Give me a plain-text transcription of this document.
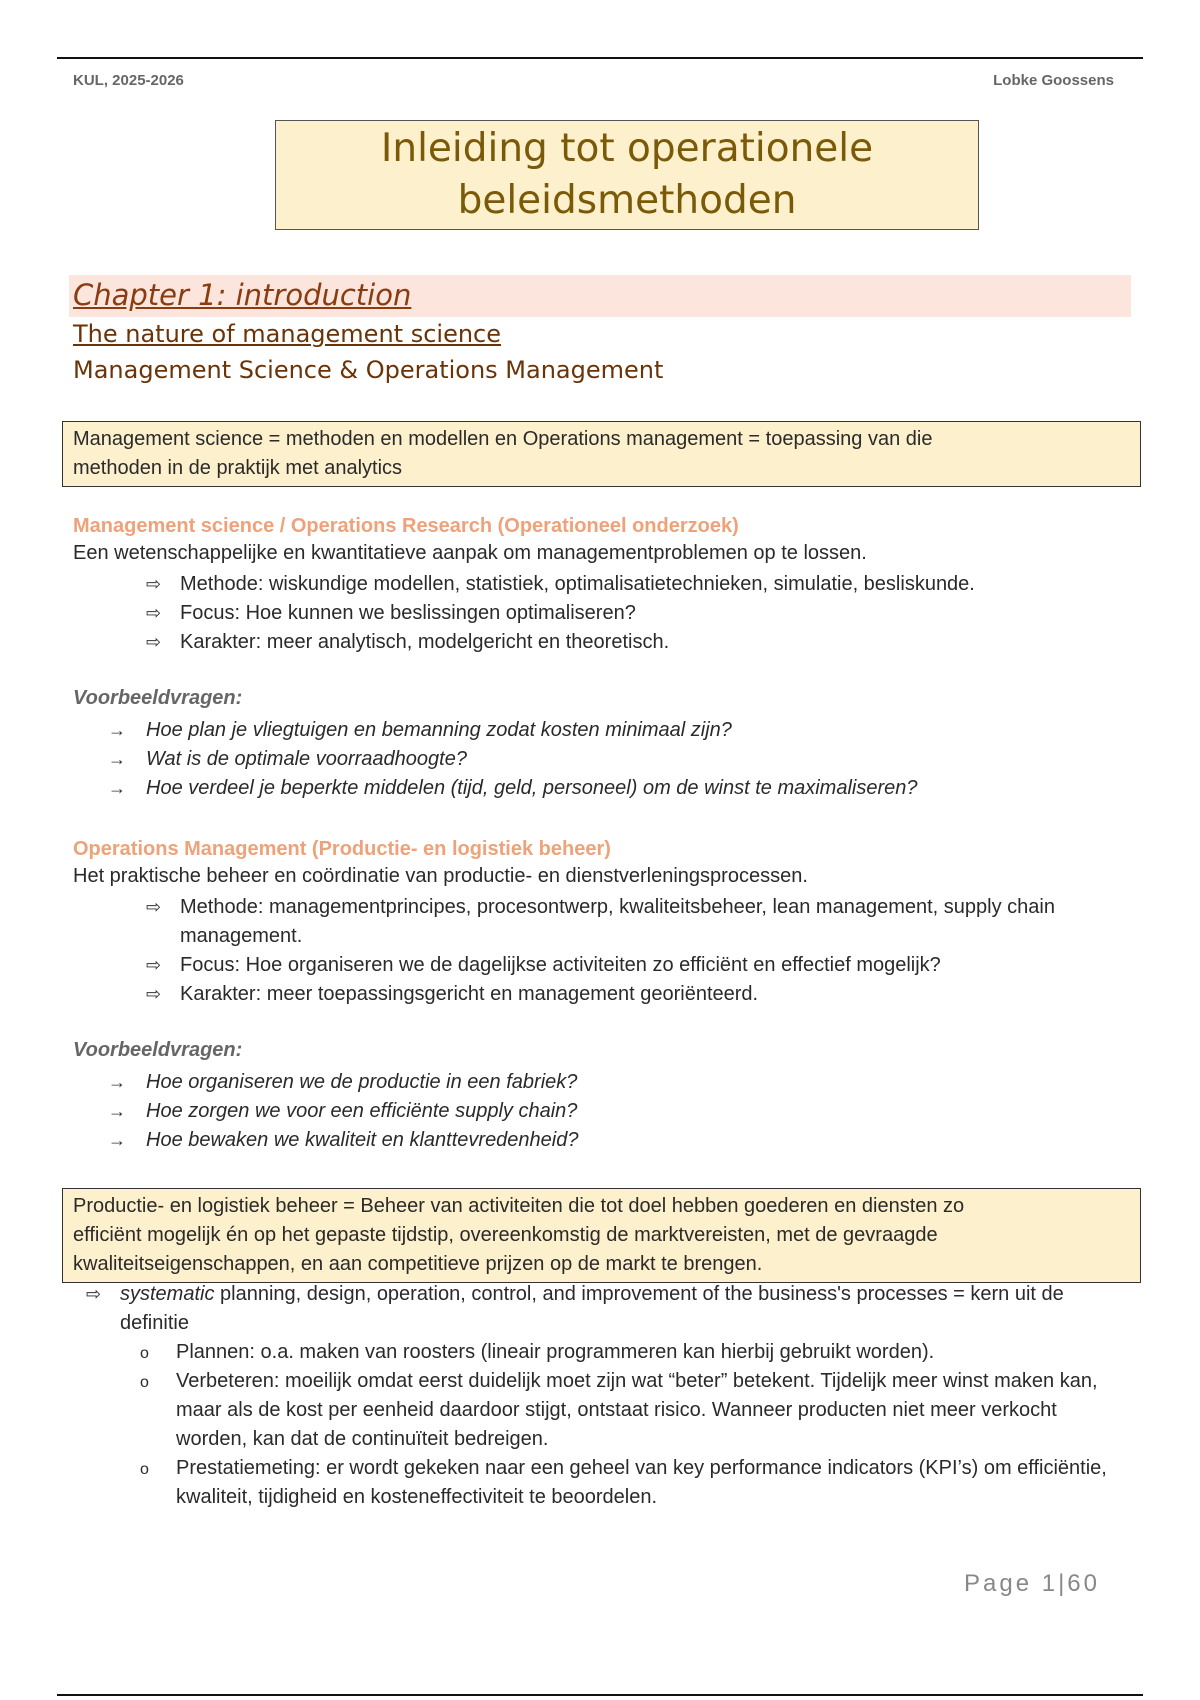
KUL, 2025-2026	Lobke Goossens
Inleiding tot operationele
beleidsmethoden
Chapter 1: introduction
The nature of management science
Management Science & Operations Management
Management science = methoden en modellen en Operations management = toepassing van die
methoden in de praktijk met analytics
Management science / Operations Research (Operationeel onderzoek)
Een wetenschappelijke en kwantitatieve aanpak om managementproblemen op te lossen.
⇨ Methode: wiskundige modellen, statistiek, optimalisatietechnieken, simulatie, besliskunde.
⇨ Focus: Hoe kunnen we beslissingen optimaliseren?
⇨ Karakter: meer analytisch, modelgericht en theoretisch.
Voorbeeldvragen:
→ Hoe plan je vliegtuigen en bemanning zodat kosten minimaal zijn?
→ Wat is de optimale voorraadhoogte?
→ Hoe verdeel je beperkte middelen (tijd, geld, personeel) om de winst te maximaliseren?
Operations Management (Productie- en logistiek beheer)
Het praktische beheer en coördinatie van productie- en dienstverleningsprocessen.
⇨ Methode: managementprincipes, procesontwerp, kwaliteitsbeheer, lean management, supply chain management.
⇨ Focus: Hoe organiseren we de dagelijkse activiteiten zo efficiënt en effectief mogelijk?
⇨ Karakter: meer toepassingsgericht en management georiënteerd.
Voorbeeldvragen:
→ Hoe organiseren we de productie in een fabriek?
→ Hoe zorgen we voor een efficiënte supply chain?
→ Hoe bewaken we kwaliteit en klanttevredenheid?
Productie- en logistiek beheer = Beheer van activiteiten die tot doel hebben goederen en diensten zo
efficiënt mogelijk én op het gepaste tijdstip, overeenkomstig de marktvereisten, met de gevraagde
kwaliteitseigenschappen, en aan competitieve prijzen op de markt te brengen.
⇨ systematic planning, design, operation, control, and improvement of the business's processes = kern uit de definitie
o Plannen: o.a. maken van roosters (lineair programmeren kan hierbij gebruikt worden).
o Verbeteren: moeilijk omdat eerst duidelijk moet zijn wat “beter” betekent. Tijdelijk meer winst maken kan, maar als de kost per eenheid daardoor stijgt, ontstaat risico. Wanneer producten niet meer verkocht worden, kan dat de continuïteit bedreigen.
o Prestatiemeting: er wordt gekeken naar een geheel van key performance indicators (KPI’s) om efficiëntie, kwaliteit, tijdigheid en kosteneffectiviteit te beoordelen.
Page 1|60
